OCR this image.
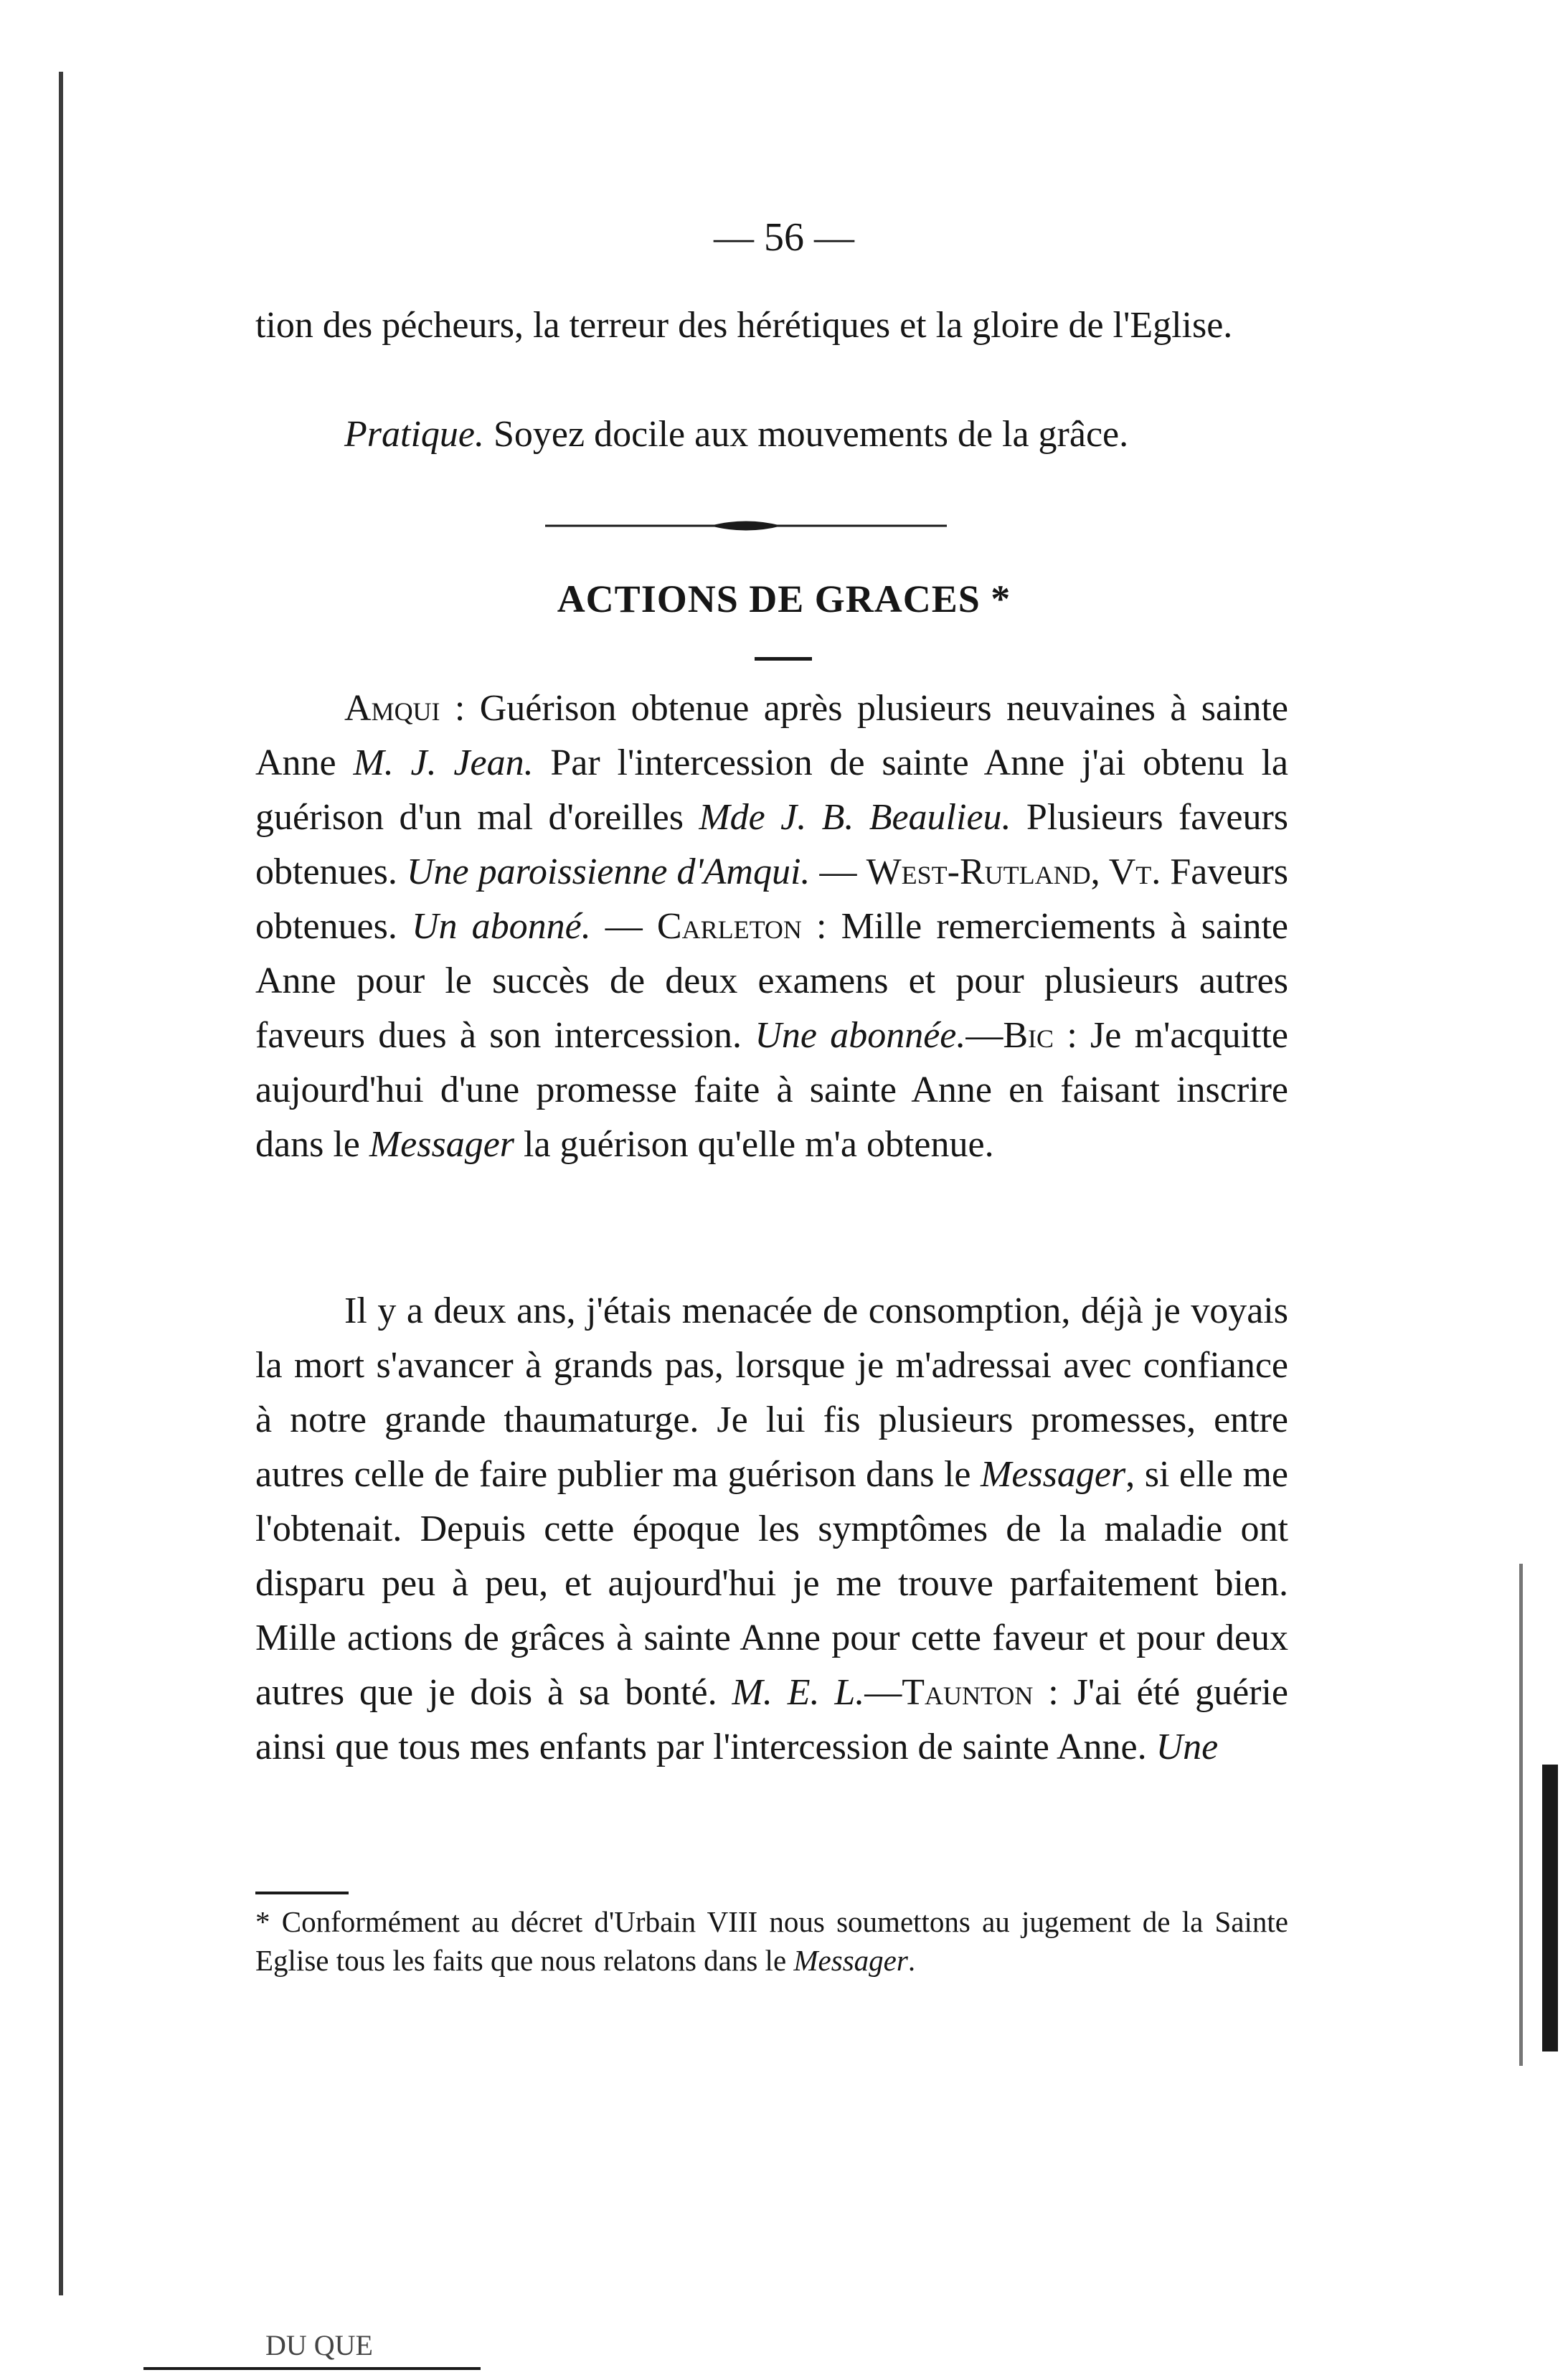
— 56 —

tion des pécheurs, la terreur des hérétiques et la gloire de l'Eglise.

Pratique. Soyez docile aux mouvements de la grâce.

ACTIONS DE GRACES *

Amqui : Guérison obtenue après plusieurs neuvaines à sainte Anne M. J. Jean. Par l'intercession de sainte Anne j'ai obtenu la guérison d'un mal d'oreilles Mde J. B. Beaulieu. Plusieurs faveurs obtenues. Une paroissienne d'Amqui. — West-Rutland, Vt. Faveurs obtenues. Un abonné. — Carleton : Mille remerciements à sainte Anne pour le succès de deux examens et pour plusieurs autres faveurs dues à son intercession. Une abonnée.—Bic : Je m'acquitte aujourd'hui d'une promesse faite à sainte Anne en faisant inscrire dans le Messager la guérison qu'elle m'a obtenue.

Il y a deux ans, j'étais menacée de consomption, déjà je voyais la mort s'avancer à grands pas, lorsque je m'adressai avec confiance à notre grande thaumaturge. Je lui fis plusieurs promesses, entre autres celle de faire publier ma guérison dans le Messager, si elle me l'obtenait. Depuis cette époque les symptômes de la maladie ont disparu peu à peu, et aujourd'hui je me trouve parfaitement bien. Mille actions de grâces à sainte Anne pour cette faveur et pour deux autres que je dois à sa bonté. M. E. L.—Taunton : J'ai été guérie ainsi que tous mes enfants par l'intercession de sainte Anne. Une

* Conformément au décret d'Urbain VIII nous soumettons au jugement de la Sainte Eglise tous les faits que nous relatons dans le Messager.

DU QUE
